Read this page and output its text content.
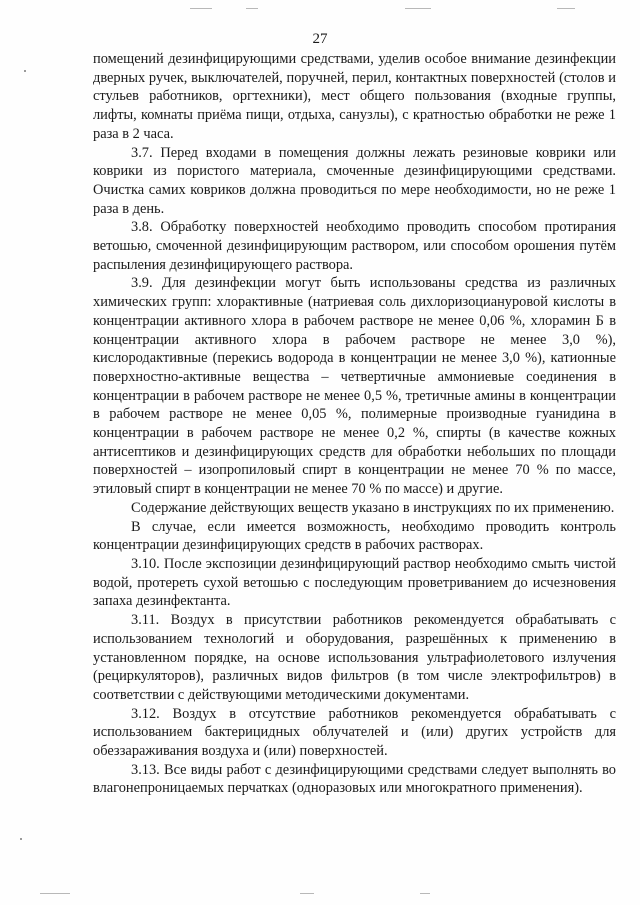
27

помещений дезинфицирующими средствами, уделив особое внимание дезинфекции дверных ручек, выключателей, поручней, перил, контактных поверхностей (столов и стульев работников, оргтехники), мест общего пользования (входные группы, лифты, комнаты приёма пищи, отдыха, санузлы), с кратностью обработки не реже 1 раза в 2 часа.

3.7. Перед входами в помещения должны лежать резиновые коврики или коврики из пористого материала, смоченные дезинфицирующими средствами. Очистка самих ковриков должна проводиться по мере необходимости, но не реже 1 раза в день.

3.8. Обработку поверхностей необходимо проводить способом протирания ветошью, смоченной дезинфицирующим раствором, или способом орошения путём распыления дезинфицирующего раствора.

3.9. Для дезинфекции могут быть использованы средства из различных химических групп: хлорактивные (натриевая соль дихлоризоциануровой кислоты в концентрации активного хлора в рабочем растворе не менее 0,06 %, хлорамин Б в концентрации активного хлора в рабочем растворе не менее 3,0 %), кислородактивные (перекись водорода в концентрации не менее 3,0 %), катионные поверхностно-активные вещества – четвертичные аммониевые соединения в концентрации в рабочем растворе не менее 0,5 %, третичные амины в концентрации в рабочем растворе не менее 0,05 %, полимерные производные гуанидина в концентрации в рабочем растворе не менее 0,2 %, спирты (в качестве кожных антисептиков и дезинфицирующих средств для обработки небольших по площади поверхностей – изопропиловый спирт в концентрации не менее 70 % по массе, этиловый спирт в концентрации не менее 70 % по массе) и другие.

Содержание действующих веществ указано в инструкциях по их применению.

В случае, если имеется возможность, необходимо проводить контроль концентрации дезинфицирующих средств в рабочих растворах.

3.10. После экспозиции дезинфицирующий раствор необходимо смыть чистой водой, протереть сухой ветошью с последующим проветриванием до исчезновения запаха дезинфектанта.

3.11. Воздух в присутствии работников рекомендуется обрабатывать с использованием технологий и оборудования, разрешённых к применению в установленном порядке, на основе использования ультрафиолетового излучения (рециркуляторов), различных видов фильтров (в том числе электрофильтров) в соответствии с действующими методическими документами.

3.12. Воздух в отсутствие работников рекомендуется обрабатывать с использованием бактерицидных облучателей и (или) других устройств для обеззараживания воздуха и (или) поверхностей.

3.13. Все виды работ с дезинфицирующими средствами следует выполнять во влагонепроницаемых перчатках (одноразовых или многократного применения).
